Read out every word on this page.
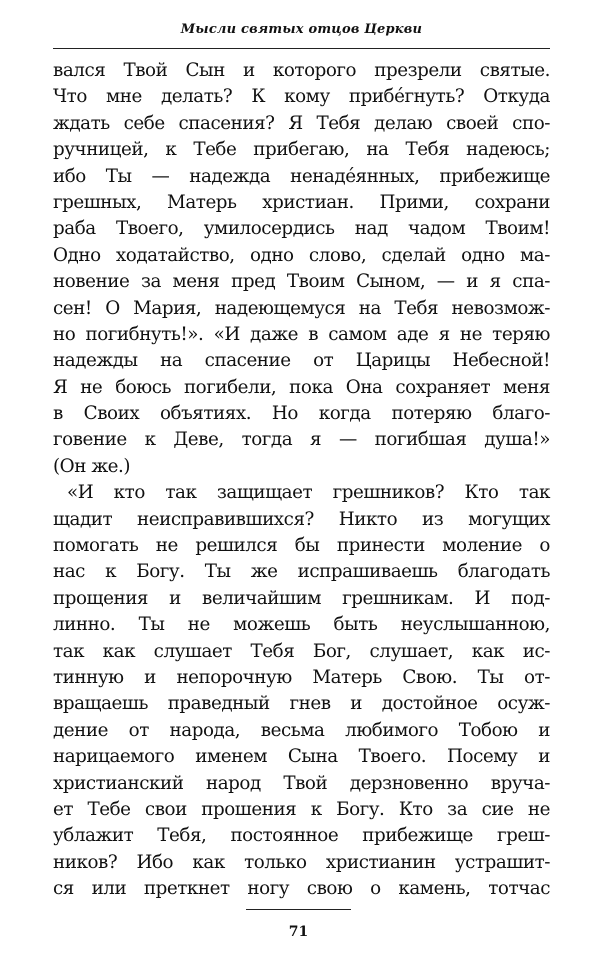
Мысли святых отцов Церкви
вался Твой Сын и которого презрели святые.
Что мне делать? К кому прибе́гнуть? Откуда
ждать себе спасения? Я Тебя делаю своей спо-
ручницей, к Тебе прибегаю, на Тебя надеюсь;
ибо Ты — надежда ненаде́янных, прибежище
грешных, Матерь христиан. Прими, сохрани
раба Твоего, умилосердись над чадом Твоим!
Одно ходатайство, одно слово, сделай одно ма-
новение за меня пред Твоим Сыном, — и я спа-
сен! О Мария, надеющемуся на Тебя невозмож-
но погибнуть!». «И даже в самом аде я не теряю
надежды на спасение от Царицы Небесной!
Я не боюсь погибели, пока Она сохраняет меня
в Своих объятиях. Но когда потеряю благо-
говение к Деве, тогда я — погибшая душа!»
(Он же.)
«И кто так защищает грешников? Кто так
щадит неисправившихся? Никто из могущих
помогать не решился бы принести моление о
нас к Богу. Ты же испрашиваешь благодать
прощения и величайшим грешникам. И под-
линно. Ты не можешь быть неуслышанною,
так как слушает Тебя Бог, слушает, как ис-
тинную и непорочную Матерь Свою. Ты от-
вращаешь праведный гнев и достойное осуж-
дение от народа, весьма любимого Тобою и
нарицаемого именем Сына Твоего. Посему и
христианский народ Твой дерзновенно вруча-
ет Тебе свои прошения к Богу. Кто за сие не
ублажит Тебя, постоянное прибежище греш-
ников? Ибо как только христианин устрашит-
ся или преткнет ногу свою о камень, тотчас
71
